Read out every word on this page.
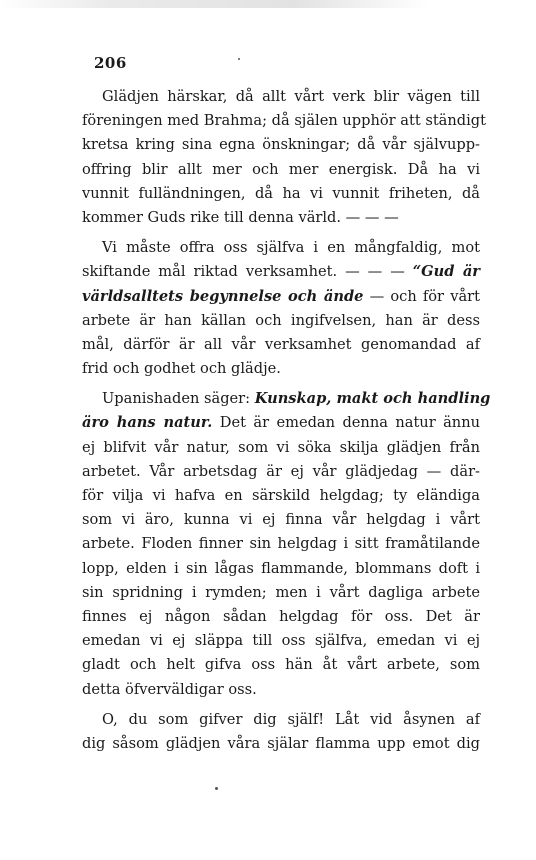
206
Glädjen härskar, då allt vårt verk blir vägen till
föreningen med Brahma; då själen upphör att ständigt
kretsa kring sina egna önskningar; då vår självupp-
offring blir allt mer och mer energisk. Då ha vi
vunnit fulländningen, då ha vi vunnit friheten, då
kommer Guds rike till denna värld. — — —
Vi måste offra oss själfva i en mångfaldig, mot
skiftande mål riktad verksamhet. — — — “Gud är
världsalltets begynnelse och ände — och för vårt
arbete är han källan och ingifvelsen, han är dess
mål, därför är all vår verksamhet genomandad af
frid och godhet och glädje.
Upanishaden säger: Kunskap, makt och handling
äro hans natur. Det är emedan denna natur ännu
ej blifvit vår natur, som vi söka skilja glädjen från
arbetet. Vår arbetsdag är ej vår glädjedag — där-
för vilja vi hafva en särskild helgdag; ty eländiga
som vi äro, kunna vi ej finna vår helgdag i vårt
arbete. Floden finner sin helgdag i sitt framåtilande
lopp, elden i sin lågas flammande, blommans doft i
sin spridning i rymden; men i vårt dagliga arbete
finnes ej någon sådan helgdag för oss. Det är
emedan vi ej släppa till oss själfva, emedan vi ej
gladt och helt gifva oss hän åt vårt arbete, som
detta öfverväldigar oss.
O, du som gifver dig själf! Låt vid åsynen af
dig såsom glädjen våra själar flamma upp emot dig
